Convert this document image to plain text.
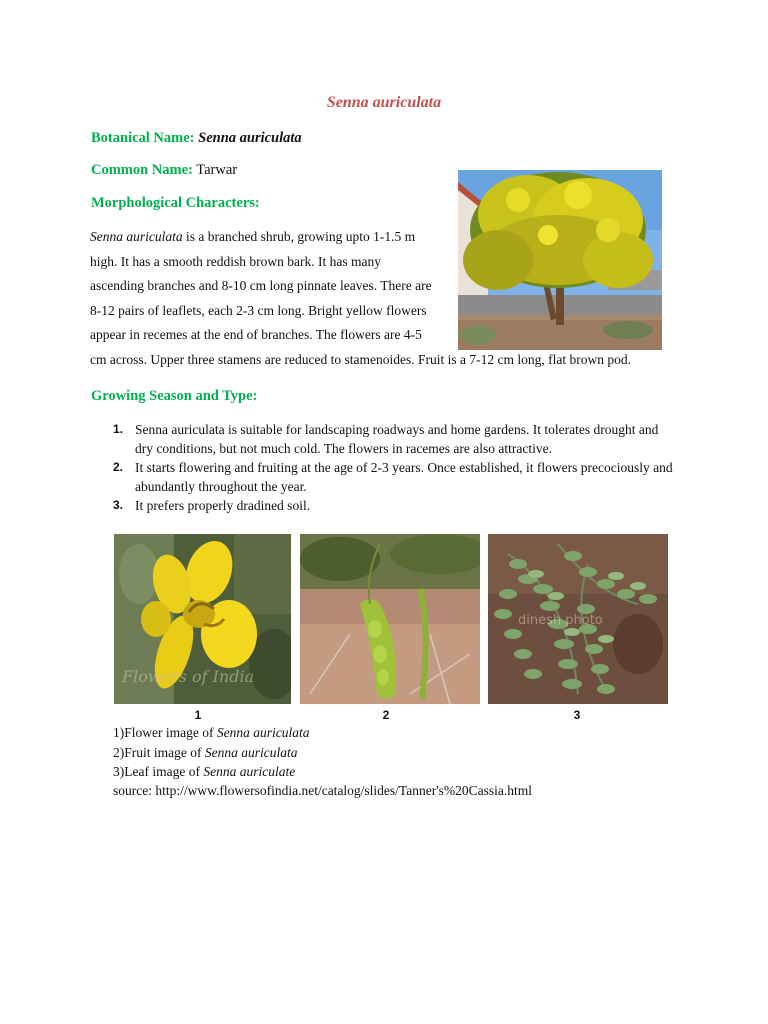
Senna auriculata
Botanical Name: Senna auriculata
Common Name: Tarwar
Morphological Characters:
Senna auriculata is a branched shrub, growing upto 1-1.5 m
high. It has a smooth reddish brown bark. It has many
ascending branches and 8-10 cm long pinnate leaves. There are
8-12 pairs of leaflets, each 2-3 cm long. Bright yellow flowers
appear in recemes at the end of branches. The flowers are 4-5
cm across. Upper three stamens are reduced to stamenoides. Fruit is a 7-12 cm long, flat brown pod.
Growing Season and Type:
1. Senna auriculata is suitable for landscaping roadways and home gardens. It tolerates drought and dry conditions, but not much cold. The flowers in racemes are also attractive.
2. It starts flowering and fruiting at the age of 2-3 years. Once established, it flowers precociously and abundantly throughout the year.
3. It prefers properly dradined soil.
Flowers of India
dinesh photo
1	2	3
1)Flower image of Senna auriculata
2)Fruit image of Senna auriculata
3)Leaf image of Senna auriculate
source: http://www.flowersofindia.net/catalog/slides/Tanner's%20Cassia.html
